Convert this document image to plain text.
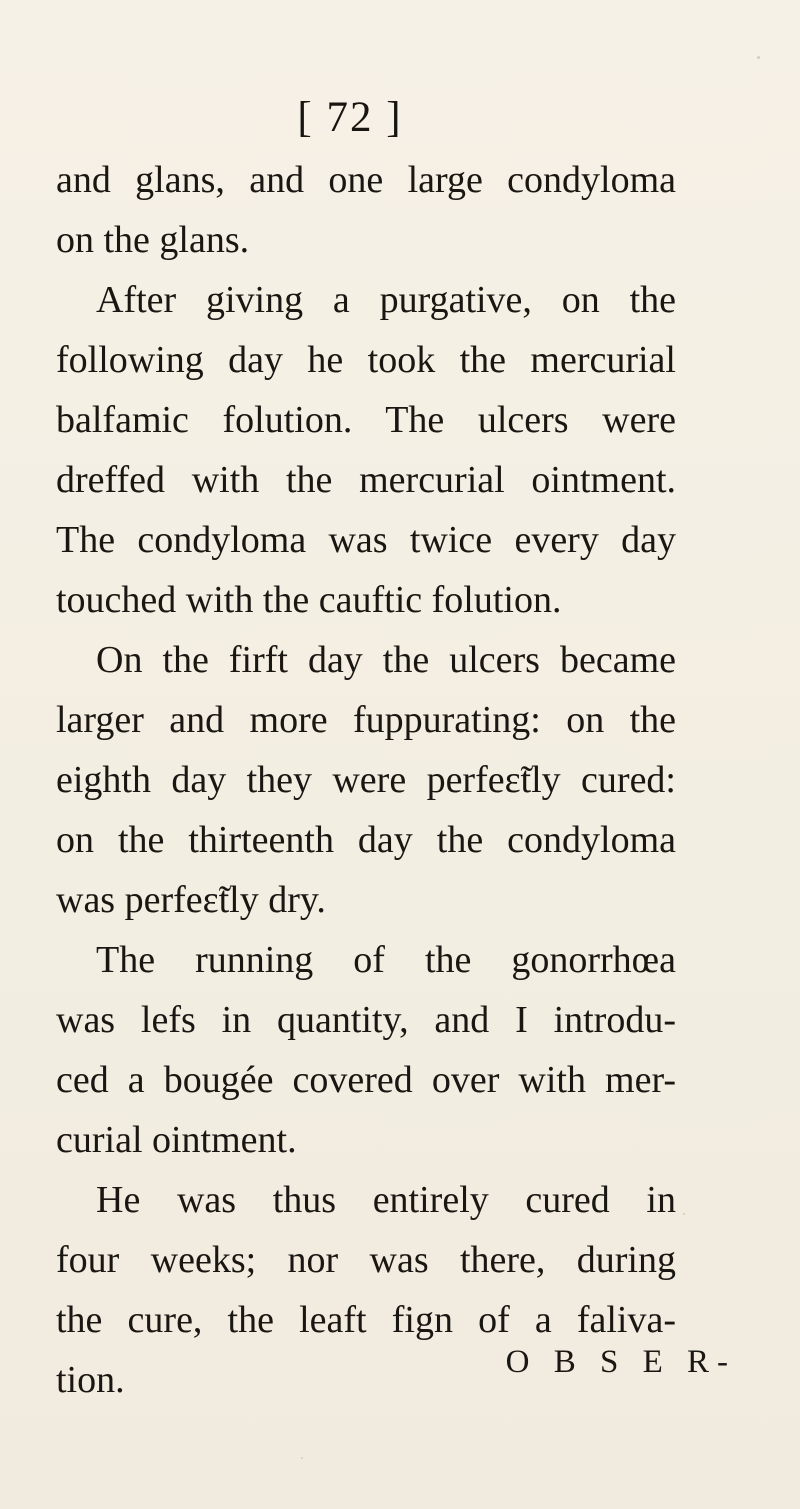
[ 72 ]
and glans, and one large condyloma
on the glans.
After giving a purgative, on the
following day he took the mercurial
balfamic folution. The ulcers were
dreffed with the mercurial ointment.
The condyloma was twice every day
touched with the cauftic folution.
On the firft day the ulcers became
larger and more fuppurating: on the
eighth day they were perfeɛ̃tly cured:
on the thirteenth day the condyloma
was perfeɛ̃tly dry.
The running of the gonorrhœa
was lefs in quantity, and I introdu-
ced a bougée covered over with mer-
curial ointment.
He was thus entirely cured in
four weeks; nor was there, during
the cure, the leaft fign of a faliva-
tion.	O B S E R-
